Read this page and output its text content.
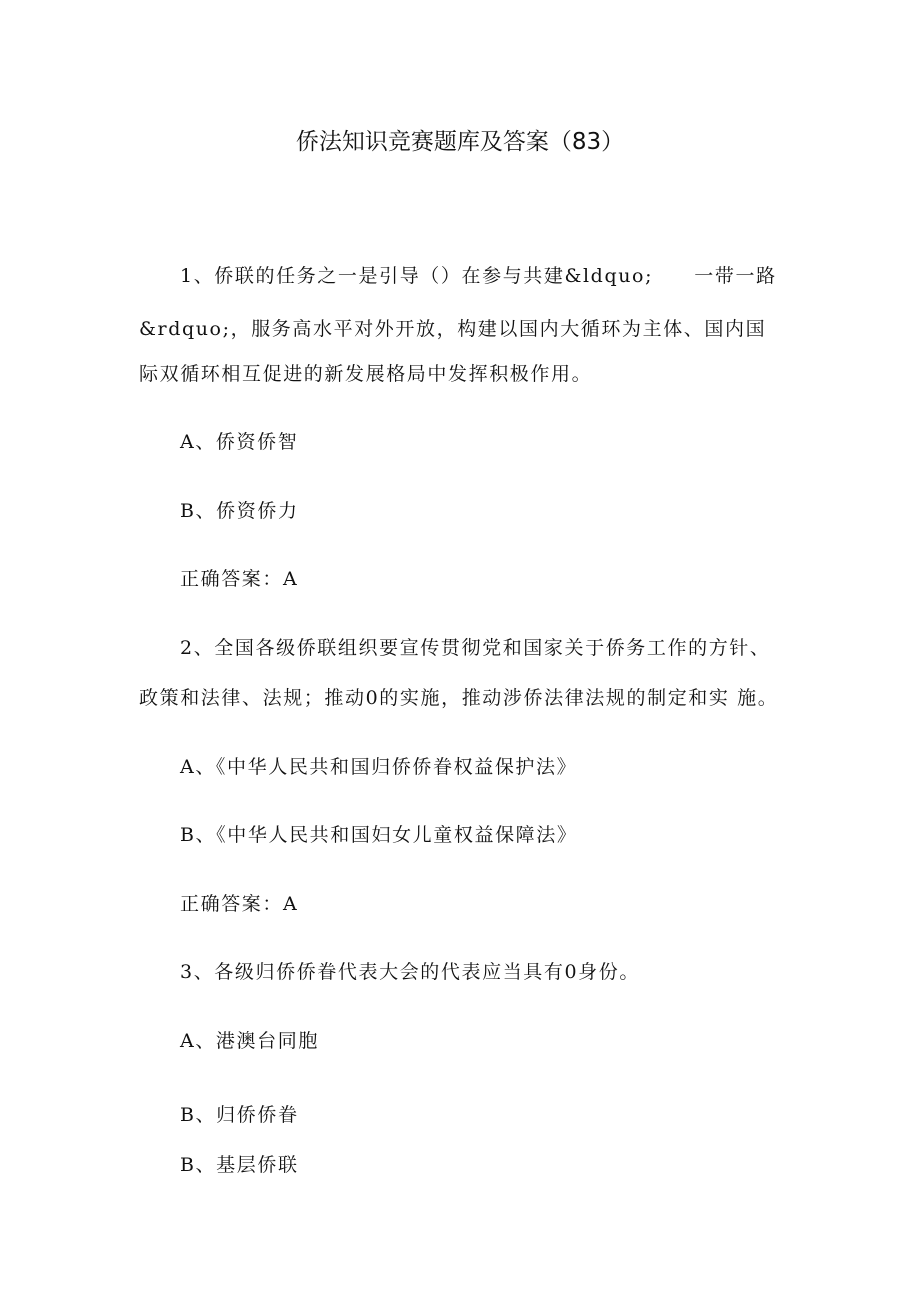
侨法知识竞赛题库及答案（83）

1、侨联的任务之一是引导（）在参与共建&ldquo;　　一带一路

&rdquo;，服务高水平对外开放，构建以国内大循环为主体、国内国

际双循环相互促进的新发展格局中发挥积极作用。

A、侨资侨智

B、侨资侨力

正确答案：A

2、全国各级侨联组织要宣传贯彻党和国家关于侨务工作的方针、

政策和法律、法规；推动0的实施，推动涉侨法律法规的制定和实 施。

A、《中华人民共和国归侨侨眷权益保护法》

B、《中华人民共和国妇女儿童权益保障法》

正确答案：A

3、各级归侨侨眷代表大会的代表应当具有0身份。

A、港澳台同胞

B、归侨侨眷

B、基层侨联
